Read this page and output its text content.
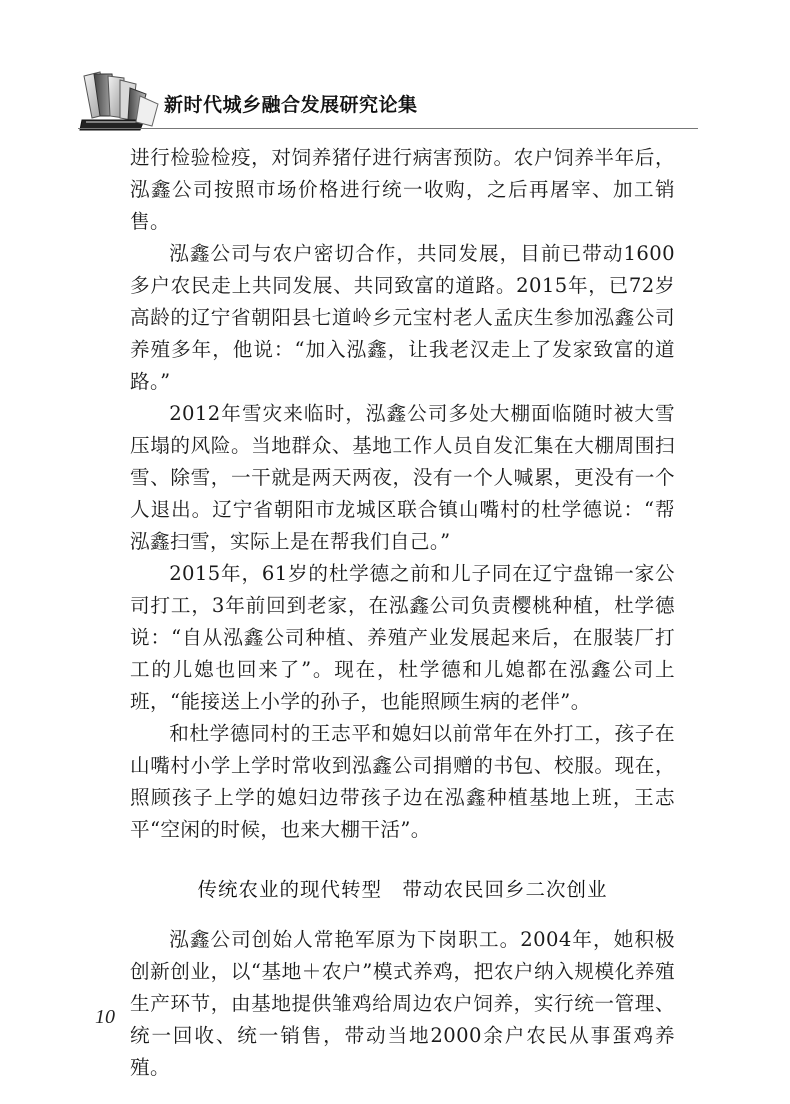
新时代城乡融合发展研究论集

进行检验检疫，对饲养猪仔进行病害预防。农户饲养半年后，泓鑫公司按照市场价格进行统一收购，之后再屠宰、加工销售。

泓鑫公司与农户密切合作，共同发展，目前已带动1600多户农民走上共同发展、共同致富的道路。2015年，已72岁高龄的辽宁省朝阳县七道岭乡元宝村老人孟庆生参加泓鑫公司养殖多年，他说：“加入泓鑫，让我老汉走上了发家致富的道路。”

2012年雪灾来临时，泓鑫公司多处大棚面临随时被大雪压塌的风险。当地群众、基地工作人员自发汇集在大棚周围扫雪、除雪，一干就是两天两夜，没有一个人喊累，更没有一个人退出。辽宁省朝阳市龙城区联合镇山嘴村的杜学德说：“帮泓鑫扫雪，实际上是在帮我们自己。”

2015年，61岁的杜学德之前和儿子同在辽宁盘锦一家公司打工，3年前回到老家，在泓鑫公司负责樱桃种植，杜学德说：“自从泓鑫公司种植、养殖产业发展起来后，在服装厂打工的儿媳也回来了”。现在，杜学德和儿媳都在泓鑫公司上班，“能接送上小学的孙子，也能照顾生病的老伴”。

和杜学德同村的王志平和媳妇以前常年在外打工，孩子在山嘴村小学上学时常收到泓鑫公司捐赠的书包、校服。现在，照顾孩子上学的媳妇边带孩子边在泓鑫种植基地上班，王志平“空闲的时候，也来大棚干活”。

传统农业的现代转型　带动农民回乡二次创业

泓鑫公司创始人常艳军原为下岗职工。2004年，她积极创新创业，以“基地＋农户”模式养鸡，把农户纳入规模化养殖生产环节，由基地提供雏鸡给周边农户饲养，实行统一管理、统一回收、统一销售，带动当地2000余户农民从事蛋鸡养殖。

10
